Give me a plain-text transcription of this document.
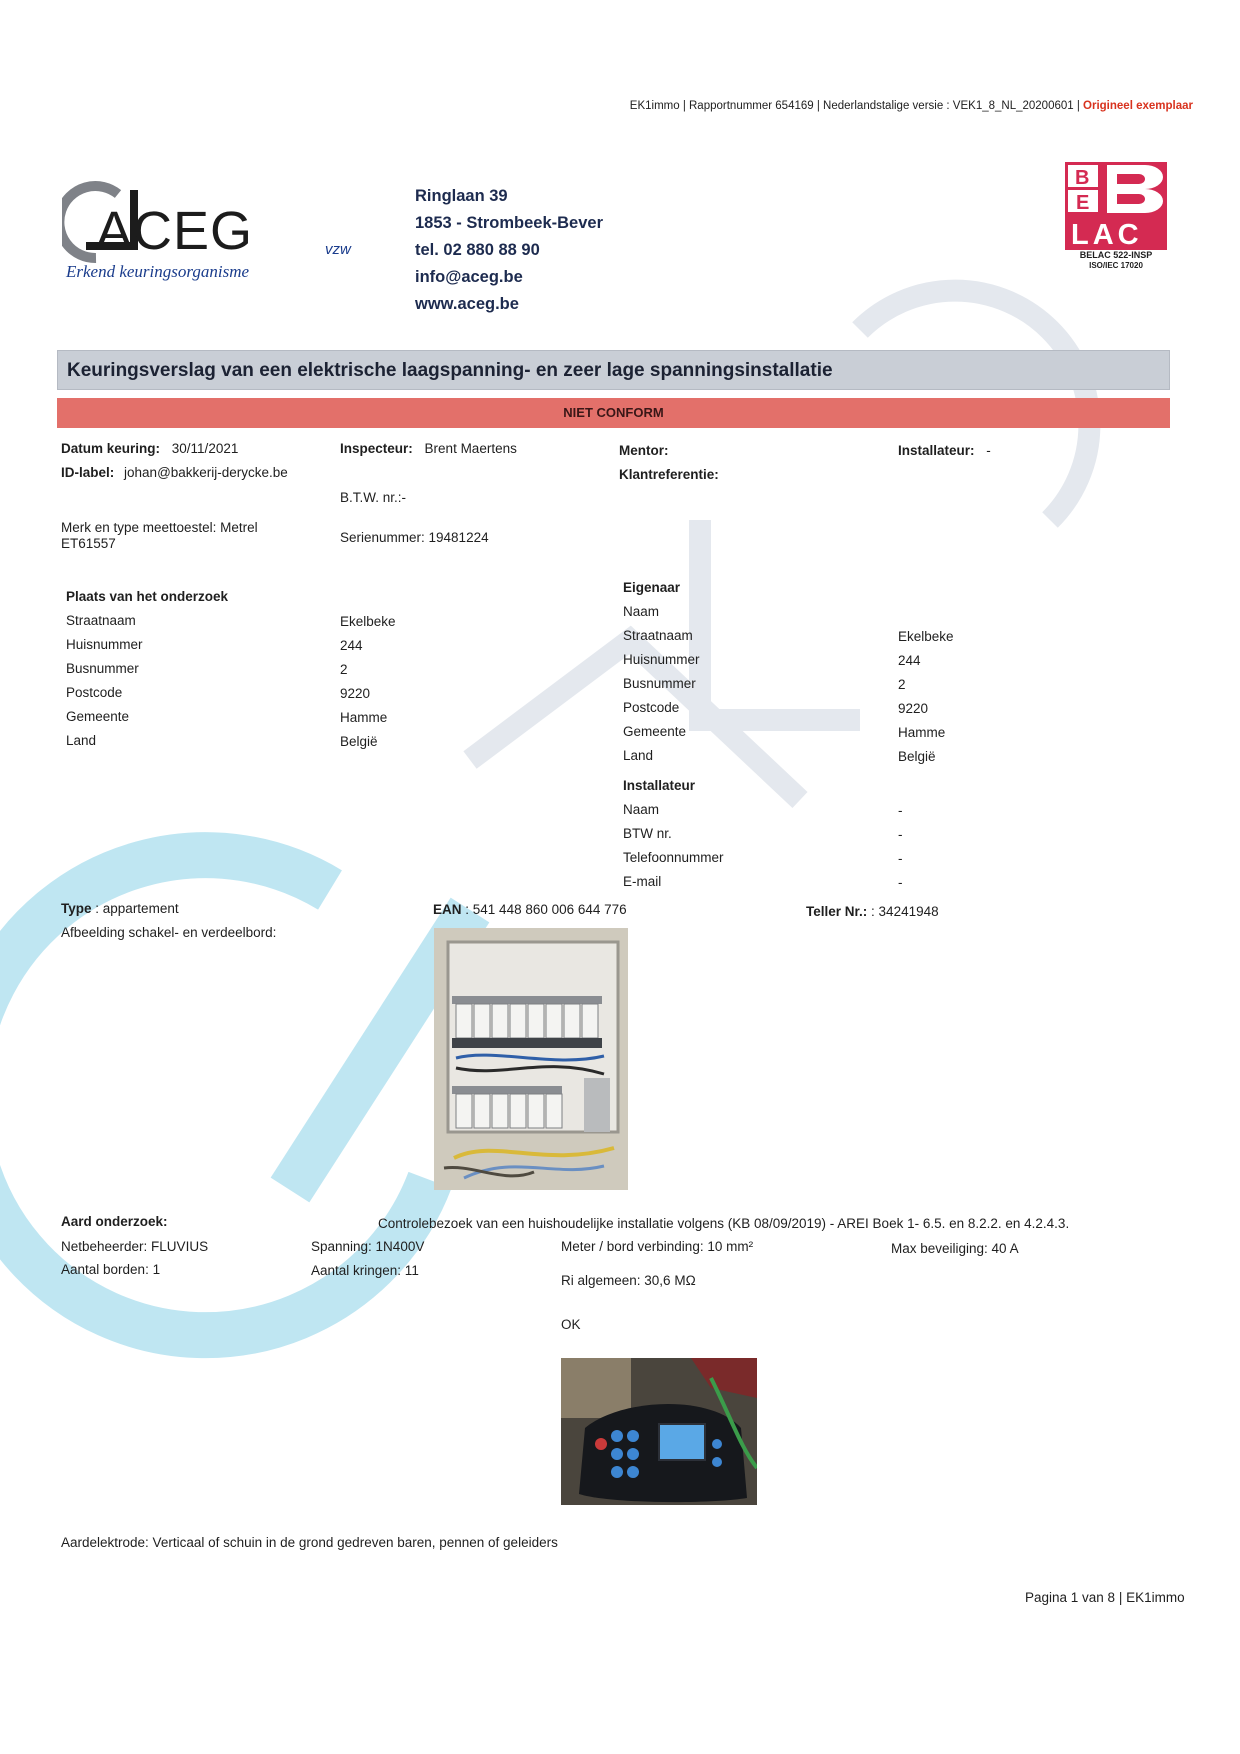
EK1immo | Rapportnummer 654169 | Nederlandstalige versie : VEK1_8_NL_20200601 | Origineel exemplaar
ACEG	vzw
Erkend keuringsorganisme
Ringlaan 39
1853 - Strombeek-Bever
tel. 02 880 88 90
info@aceg.be
www.aceg.be
B
E
LAC
BELAC 522-INSP
ISO/IEC 17020
Keuringsverslag van een elektrische laagspanning- en zeer lage spanningsinstallatie
NIET CONFORM
Datum keuring: 30/11/2021
ID-label: johan@bakkerij-derycke.be
Inspecteur: Brent Maertens
B.T.W. nr.:-
Mentor:
Klantreferentie:
Installateur: -
Merk en type meettoestel: Metrel
ET61557	Serienummer: 19481224
Plaats van het onderzoek
Straatnaam	Ekelbeke
Huisnummer	244
Busnummer	2
Postcode	9220
Gemeente	Hamme
Land	België
Eigenaar
Naam
Straatnaam	Ekelbeke
Huisnummer	244
Busnummer	2
Postcode	9220
Gemeente	Hamme
Land	België
Installateur
Naam	-
BTW nr.	-
Telefoonnummer	-
E-mail	-
Type : appartement	EAN : 541 448 860 006 644 776	Teller Nr.: : 34241948
Afbeelding schakel- en verdeelbord:
Aard onderzoek:	Controlebezoek van een huishoudelijke installatie volgens (KB 08/09/2019) - AREI Boek 1- 6.5. en 8.2.2. en 4.2.4.3.
Netbeheerder: FLUVIUS	Spanning: 1N400V	Meter / bord verbinding: 10 mm²	Max beveiliging: 40 A
Aantal borden: 1	Aantal kringen: 11
Ri algemeen: 30,6 MΩ
OK
Aardelektrode: Verticaal of schuin in de grond gedreven baren, pennen of geleiders
Pagina 1 van 8 | EK1immo
